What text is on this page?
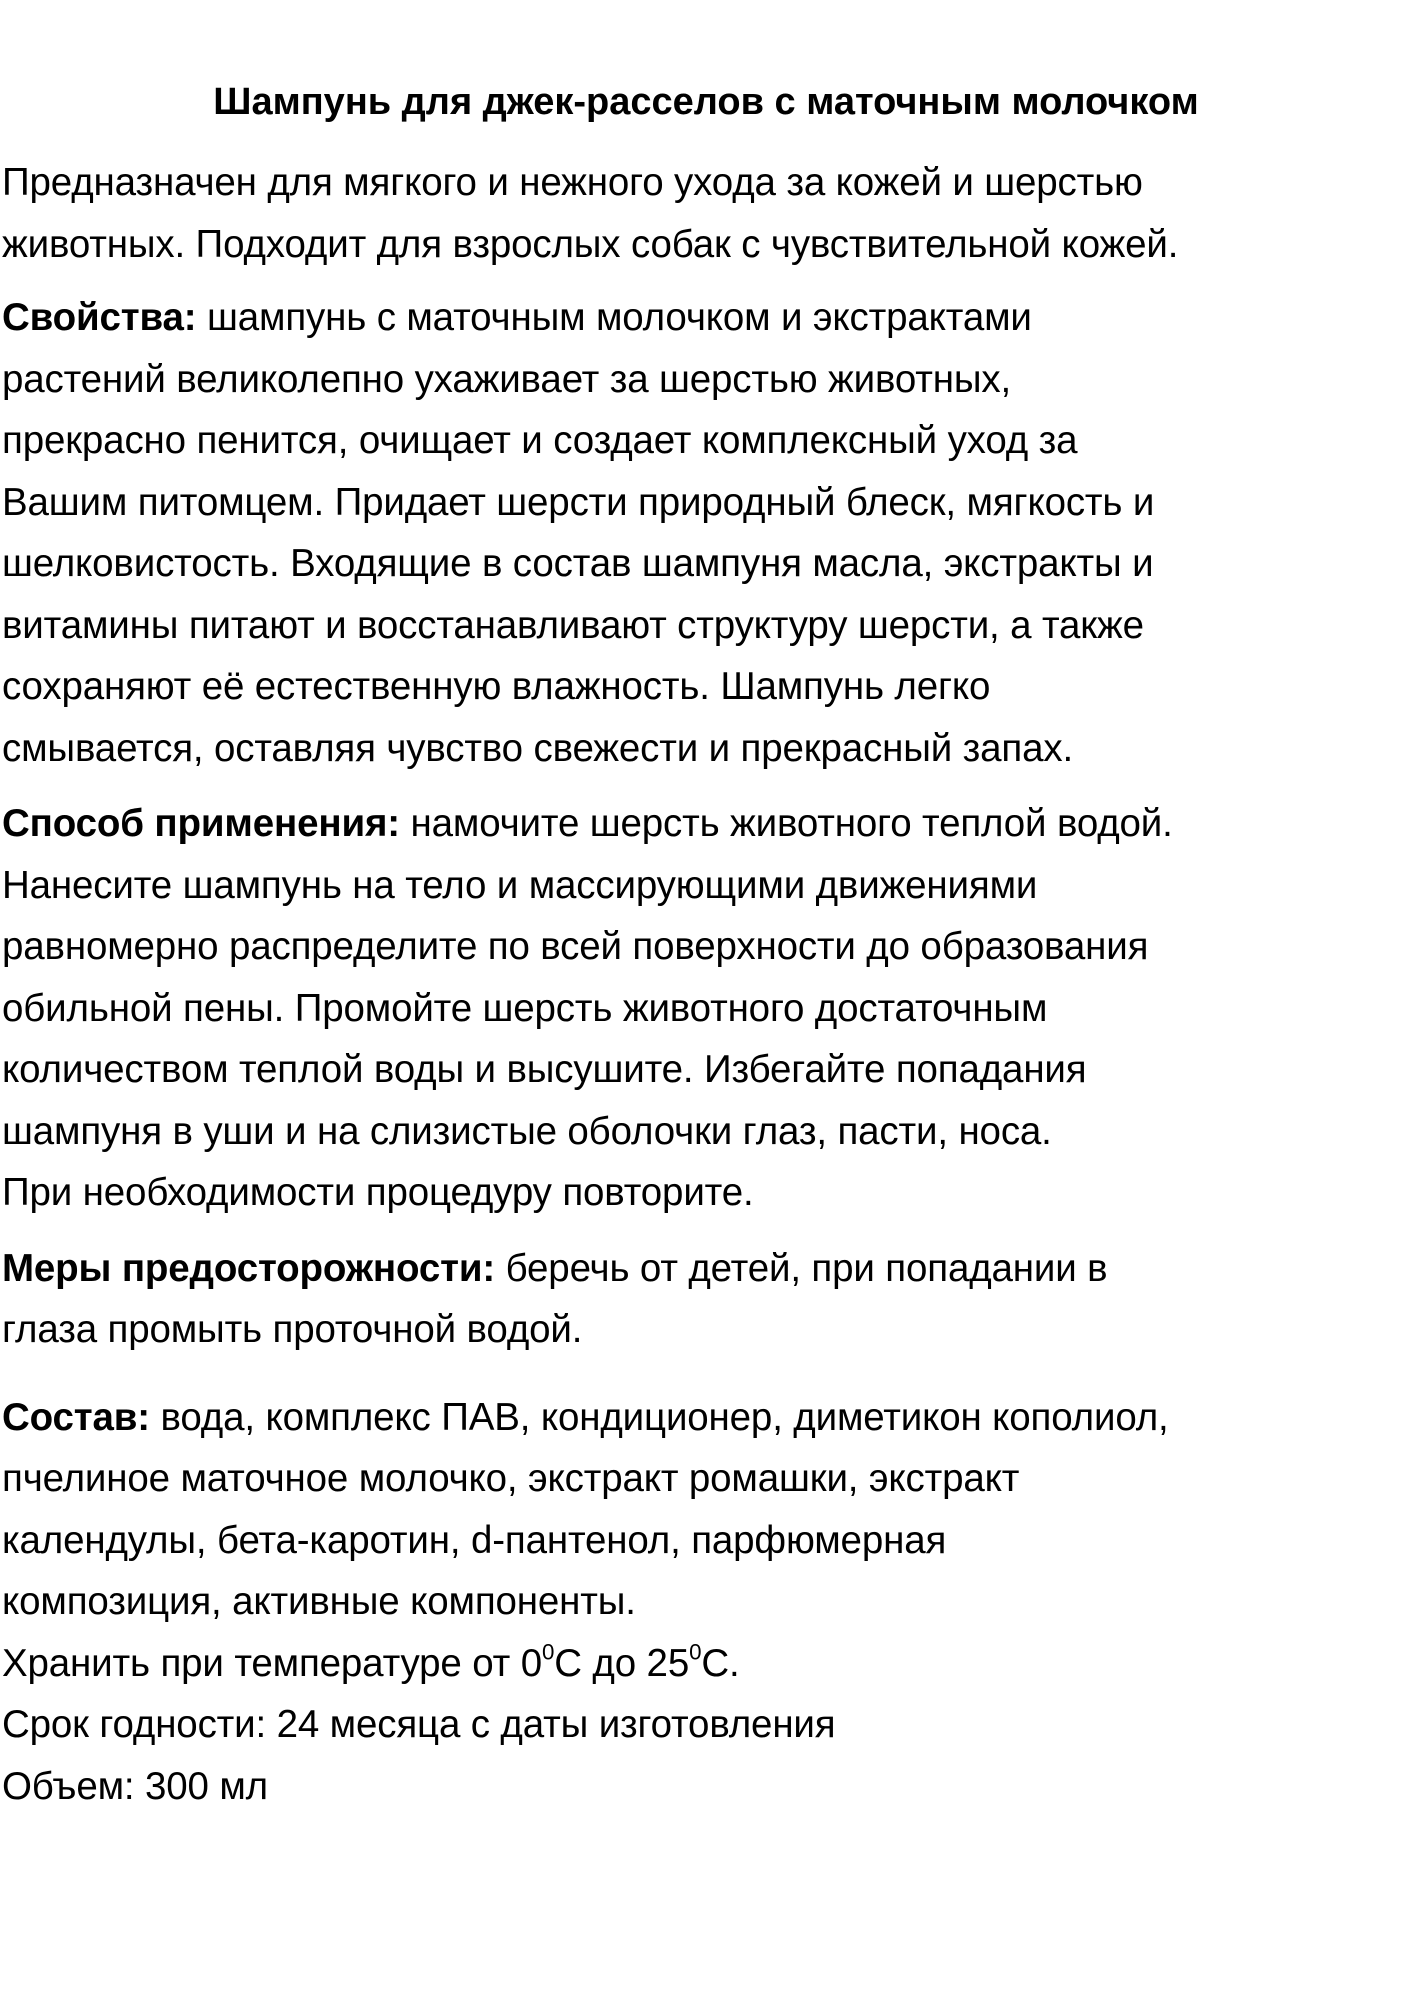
Шампунь для джек-расселов с маточным молочком

Предназначен для мягкого и нежного ухода за кожей и шерстью
животных. Подходит для взрослых собак с чувствительной кожей.

Свойства: шампунь с маточным молочком и экстрактами
растений великолепно ухаживает за шерстью животных,
прекрасно пенится, очищает и создает комплексный уход за
Вашим питомцем. Придает шерсти природный блеск, мягкость и
шелковистость. Входящие в состав шампуня масла, экстракты и
витамины питают и восстанавливают структуру шерсти, а также
сохраняют её естественную влажность. Шампунь легко
смывается, оставляя чувство свежести и прекрасный запах.

Способ применения: намочите шерсть животного теплой водой.
Нанесите шампунь на тело и массирующими движениями
равномерно распределите по всей поверхности до образования
обильной пены. Промойте шерсть животного достаточным
количеством теплой воды и высушите. Избегайте попадания
шампуня в уши и на слизистые оболочки глаз, пасти, носа.
При необходимости процедуру повторите.

Меры предосторожности: беречь от детей, при попадании в
глаза промыть проточной водой.

Состав: вода, комплекс ПАВ, кондиционер, диметикон кополиол,
пчелиное маточное молочко, экстракт ромашки, экстракт
календулы, бета-каротин, d-пантенол, парфюмерная
композиция, активные компоненты.
Хранить при температуре от $0^0С$ до $25^0С$.
Срок годности: 24 месяца с даты изготовления
Объем: 300 мл
